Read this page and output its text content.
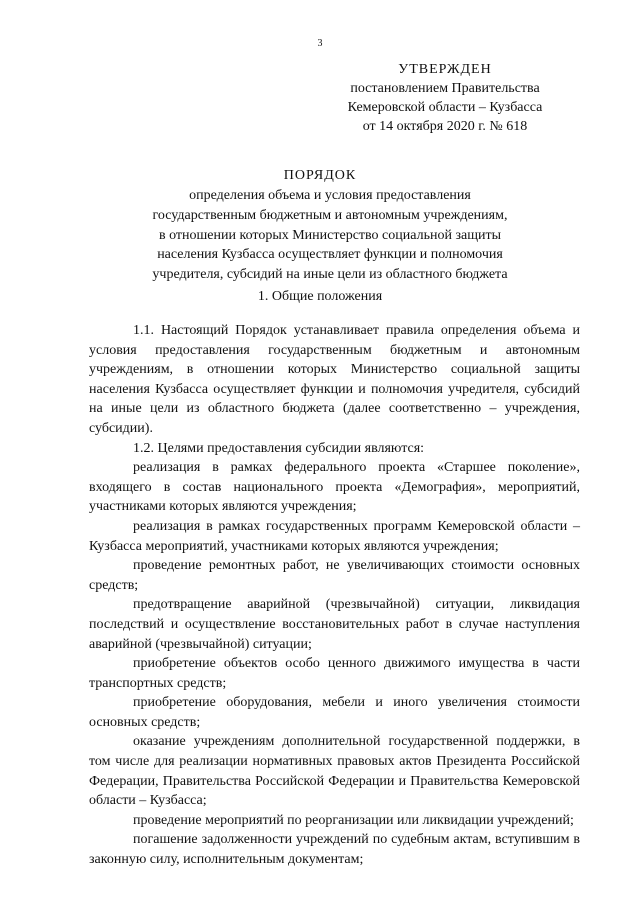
3
УТВЕРЖДЕН
постановлением Правительства
Кемеровской области – Кузбасса
от 14 октября 2020 г. № 618
ПОРЯДОК
определения объема и условия предоставления
государственным бюджетным и автономным учреждениям,
в отношении которых Министерство социальной защиты
населения Кузбасса осуществляет функции и полномочия
учредителя, субсидий на иные цели из областного бюджета
1. Общие положения

1.1. Настоящий Порядок устанавливает правила определения объема и условия предоставления государственным бюджетным и автономным учреждениям, в отношении которых Министерство социальной защиты населения Кузбасса осуществляет функции и полномочия учредителя, субсидий на иные цели из областного бюджета (далее соответственно – учреждения, субсидии).

1.2. Целями предоставления субсидии являются:

реализация в рамках федерального проекта «Старшее поколение», входящего в состав национального проекта «Демография», мероприятий, участниками которых являются учреждения;

реализация в рамках государственных программ Кемеровской области – Кузбасса мероприятий, участниками которых являются учреждения;

проведение ремонтных работ, не увеличивающих стоимости основных средств;

предотвращение аварийной (чрезвычайной) ситуации, ликвидация последствий и осуществление восстановительных работ в случае наступления аварийной (чрезвычайной) ситуации;

приобретение объектов особо ценного движимого имущества в части транспортных средств;

приобретение оборудования, мебели и иного увеличения стоимости основных средств;

оказание учреждениям дополнительной государственной поддержки, в том числе для реализации нормативных правовых актов Президента Российской Федерации, Правительства Российской Федерации и Правительства Кемеровской области – Кузбасса;

проведение мероприятий по реорганизации или ликвидации учреждений;

погашение задолженности учреждений по судебным актам, вступившим в законную силу, исполнительным документам;
